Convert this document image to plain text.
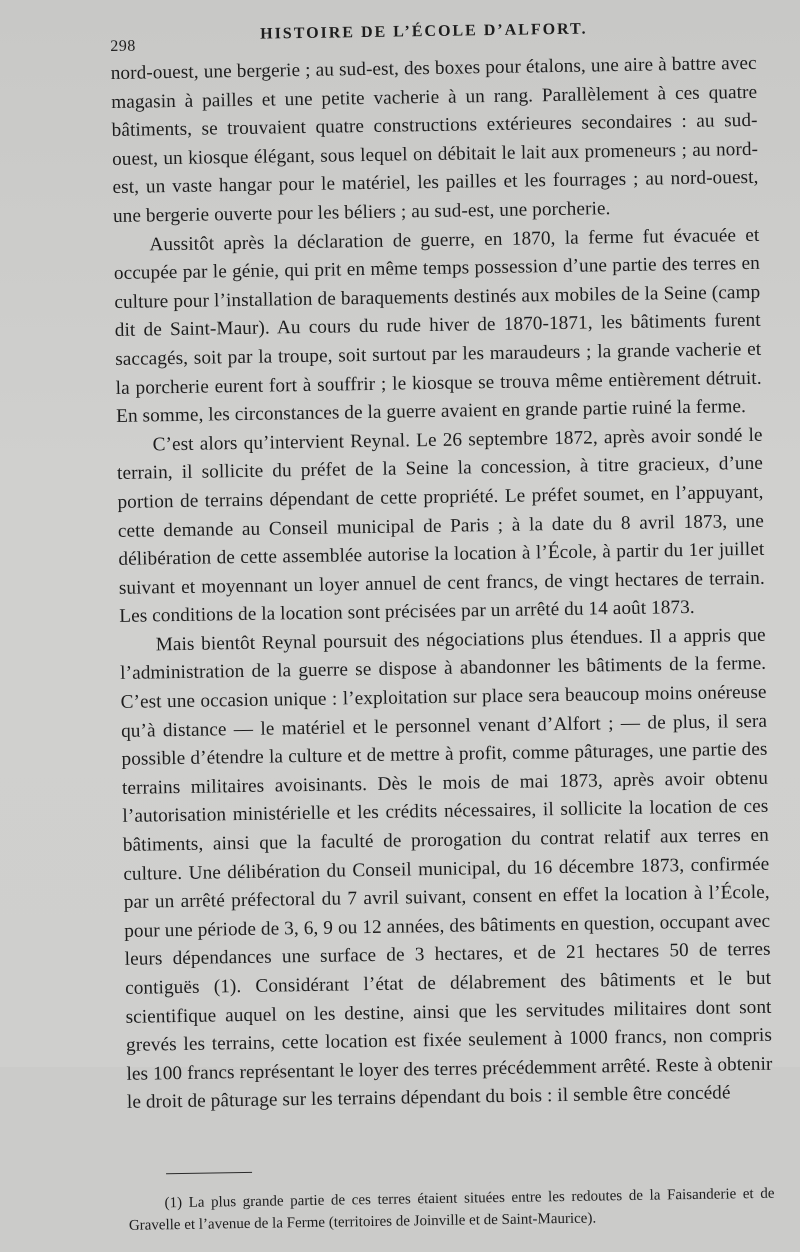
298
HISTOIRE DE L’ÉCOLE D’ALFORT.

nord-ouest, une bergerie ; au sud-est, des boxes pour étalons, une aire à battre avec magasin à pailles et une petite vacherie à un rang. Parallèlement à ces quatre bâtiments, se trouvaient quatre constructions extérieures secondaires : au sud-ouest, un kiosque élégant, sous lequel on débitait le lait aux promeneurs ; au nord-est, un vaste hangar pour le matériel, les pailles et les fourrages ; au nord-ouest, une bergerie ouverte pour les béliers ; au sud-est, une porcherie.

Aussitôt après la déclaration de guerre, en 1870, la ferme fut évacuée et occupée par le génie, qui prit en même temps possession d’une partie des terres en culture pour l’installation de baraquements destinés aux mobiles de la Seine (camp dit de Saint-Maur). Au cours du rude hiver de 1870-1871, les bâtiments furent saccagés, soit par la troupe, soit surtout par les maraudeurs ; la grande vacherie et la porcherie eurent fort à souffrir ; le kiosque se trouva même entièrement détruit. En somme, les circonstances de la guerre avaient en grande partie ruiné la ferme.

C’est alors qu’intervient Reynal. Le 26 septembre 1872, après avoir sondé le terrain, il sollicite du préfet de la Seine la concession, à titre gracieux, d’une portion de terrains dépendant de cette propriété. Le préfet soumet, en l’appuyant, cette demande au Conseil municipal de Paris ; à la date du 8 avril 1873, une délibération de cette assemblée autorise la location à l’École, à partir du 1er juillet suivant et moyennant un loyer annuel de cent francs, de vingt hectares de terrain. Les conditions de la location sont précisées par un arrêté du 14 août 1873.

Mais bientôt Reynal poursuit des négociations plus étendues. Il a appris que l’administration de la guerre se dispose à abandonner les bâtiments de la ferme. C’est une occasion unique : l’exploitation sur place sera beaucoup moins onéreuse qu’à distance — le matériel et le personnel venant d’Alfort ; — de plus, il sera possible d’étendre la culture et de mettre à profit, comme pâturages, une partie des terrains militaires avoisinants. Dès le mois de mai 1873, après avoir obtenu l’autorisation ministérielle et les crédits nécessaires, il sollicite la location de ces bâtiments, ainsi que la faculté de prorogation du contrat relatif aux terres en culture. Une délibération du Conseil municipal, du 16 décembre 1873, confirmée par un arrêté préfectoral du 7 avril suivant, consent en effet la location à l’École, pour une période de 3, 6, 9 ou 12 années, des bâtiments en question, occupant avec leurs dépendances une surface de 3 hectares, et de 21 hectares 50 de terres contiguës (1). Considérant l’état de délabrement des bâtiments et le but scientifique auquel on les destine, ainsi que les servitudes militaires dont sont grevés les terrains, cette location est fixée seulement à 1000 francs, non compris les 100 francs représentant le loyer des terres précédemment arrêté. Reste à obtenir le droit de pâturage sur les terrains dépendant du bois : il semble être concédé

(1) La plus grande partie de ces terres étaient situées entre les redoutes de la Faisanderie et de Gravelle et l’avenue de la Ferme (territoires de Joinville et de Saint-Maurice).
